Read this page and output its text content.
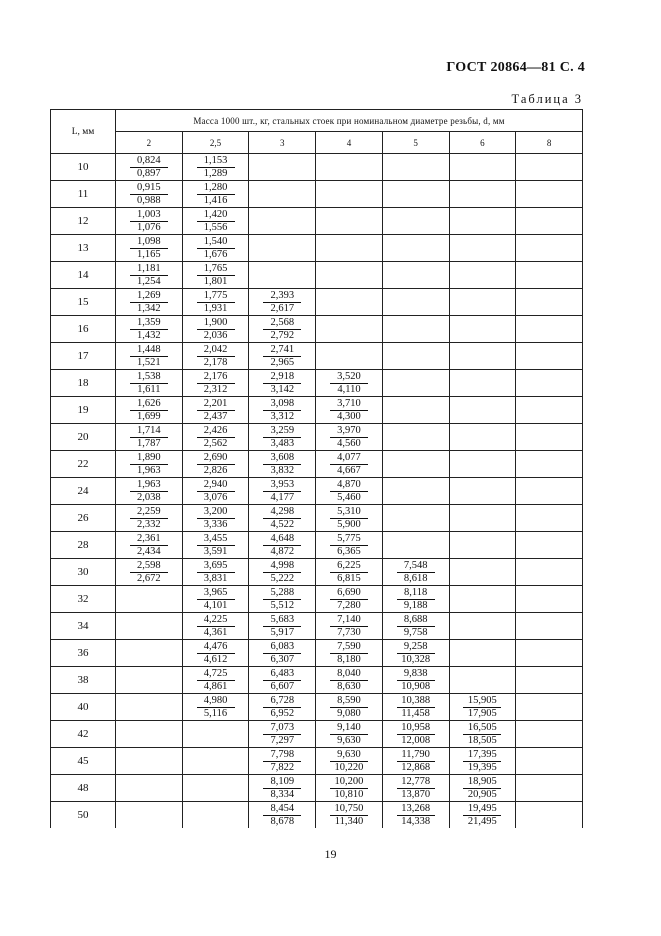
ГОСТ 20864—81 С. 4
Таблица 3
L, мм	Масса 1000 шт., кг, стальных стоек при номинальном диаметре резьбы, d, мм						
	2	2,5	3	4	5	6	8
10	$\frac{0,824}{0,897}$	$\frac{1,153}{1,289}$

11	$\frac{0,915}{0,988}$	$\frac{1,280}{1,416}$

12	$\frac{1,003}{1,076}$	$\frac{1,420}{1,556}$

13	$\frac{1,098}{1,165}$	$\frac{1,540}{1,676}$

14	$\frac{1,181}{1,254}$	$\frac{1,765}{1,801}$

15	$\frac{1,269}{1,342}$	$\frac{1,775}{1,931}$	$\frac{2,393}{2,617}$

16	$\frac{1,359}{1,432}$	$\frac{1,900}{2,036}$	$\frac{2,568}{2,792}$

17	$\frac{1,448}{1,521}$	$\frac{2,042}{2,178}$	$\frac{2,741}{2,965}$

18	$\frac{1,538}{1,611}$	$\frac{2,176}{2,312}$	$\frac{2,918}{3,142}$	$\frac{3,520}{4,110}$

19	$\frac{1,626}{1,699}$	$\frac{2,201}{2,437}$	$\frac{3,098}{3,312}$	$\frac{3,710}{4,300}$

20	$\frac{1,714}{1,787}$	$\frac{2,426}{2,562}$	$\frac{3,259}{3,483}$	$\frac{3,970}{4,560}$

22	$\frac{1,890}{1,963}$	$\frac{2,690}{2,826}$	$\frac{3,608}{3,832}$	$\frac{4,077}{4,667}$

24	$\frac{1,963}{2,038}$	$\frac{2,940}{3,076}$	$\frac{3,953}{4,177}$	$\frac{4,870}{5,460}$

26	$\frac{2,259}{2,332}$	$\frac{3,200}{3,336}$	$\frac{4,298}{4,522}$	$\frac{5,310}{5,900}$

28	$\frac{2,361}{2,434}$	$\frac{3,455}{3,591}$	$\frac{4,648}{4,872}$	$\frac{5,775}{6,365}$

30	$\frac{2,598}{2,672}$	$\frac{3,695}{3,831}$	$\frac{4,998}{5,222}$	$\frac{6,225}{6,815}$	$\frac{7,548}{8,618}$

32		$\frac{3,965}{4,101}$	$\frac{5,288}{5,512}$	$\frac{6,690}{7,280}$	$\frac{8,118}{9,188}$

34		$\frac{4,225}{4,361}$	$\frac{5,683}{5,917}$	$\frac{7,140}{7,730}$	$\frac{8,688}{9,758}$

36		$\frac{4,476}{4,612}$	$\frac{6,083}{6,307}$	$\frac{7,590}{8,180}$	$\frac{9,258}{10,328}$

38		$\frac{4,725}{4,861}$	$\frac{6,483}{6,607}$	$\frac{8,040}{8,630}$	$\frac{9,838}{10,908}$

40		$\frac{4,980}{5,116}$	$\frac{6,728}{6,952}$	$\frac{8,590}{9,080}$	$\frac{10,388}{11,458}$	$\frac{15,905}{17,905}$

42			$\frac{7,073}{7,297}$	$\frac{9,140}{9,630}$	$\frac{10,958}{12,008}$	$\frac{16,505}{18,505}$

45			$\frac{7,798}{7,822}$	$\frac{9,630}{10,220}$	$\frac{11,790}{12,868}$	$\frac{17,395}{19,395}$

48			$\frac{8,109}{8,334}$	$\frac{10,200}{10,810}$	$\frac{12,778}{13,870}$	$\frac{18,905}{20,905}$

50			$\frac{8,454}{8,678}$	$\frac{10,750}{11,340}$	$\frac{13,268}{14,338}$	$\frac{19,495}{21,495}$

19
